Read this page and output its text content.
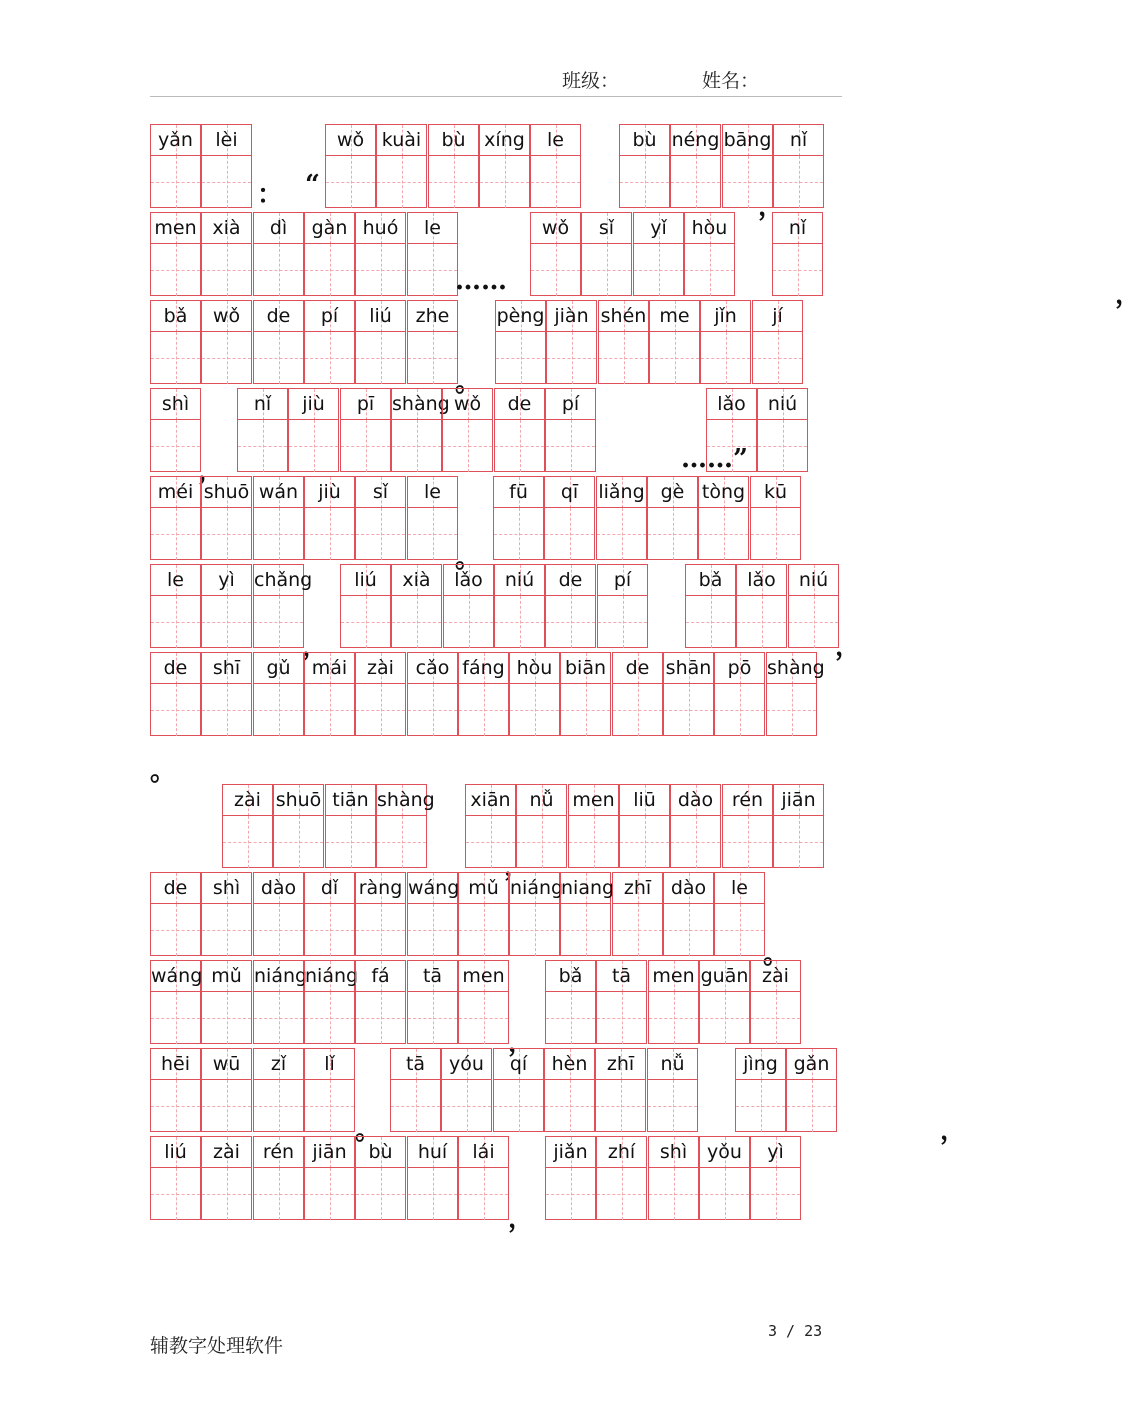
班级：	姓名：
yǎn	lèi
：
wǒ kuài	bù xíng	le
“
，
bù néng bāng nǐ
men xià	dì	gàn huó	le
……
wǒ	sǐ	yǐ	hòu
，
nǐ
bǎ	wǒ	de	pí	liú	zhe
。
pèng jiàn shén me	jǐn	jí
shì
，
nǐ	jiù	pī shàng wǒ	de	pí
……”
lǎo	niú
méi shuō wán	jiù	sǐ	le
。
fū	qī	liǎng gè tòng kū
le	yì	chǎng
，
liú	xià	lǎo	niú	de	pí
，
bǎ	lǎo	niú
de	shī	gǔ	mái	zài	cǎo fáng hòu biān	de shān pō shàng
。
zài shuō tiān shàng
，
xiān nǚ men liū	dào rén jiān
de	shì	dào	dǐ	ràng wáng mǔ niáng
niang zhī	dào	le
。
wáng mǔ niáng
niáng fá	tā	men
，
bǎ	tā	men guān zài
hēi	wū	zǐ	lǐ
。
tā	yóu	qí	hèn	zhī	nǚ
，
jìng gǎn
liú	zài	rén jiān	bù	huí	lái
，
jiǎn	zhí	shì	yǒu	yì
辅教字处理软件
3 / 23
